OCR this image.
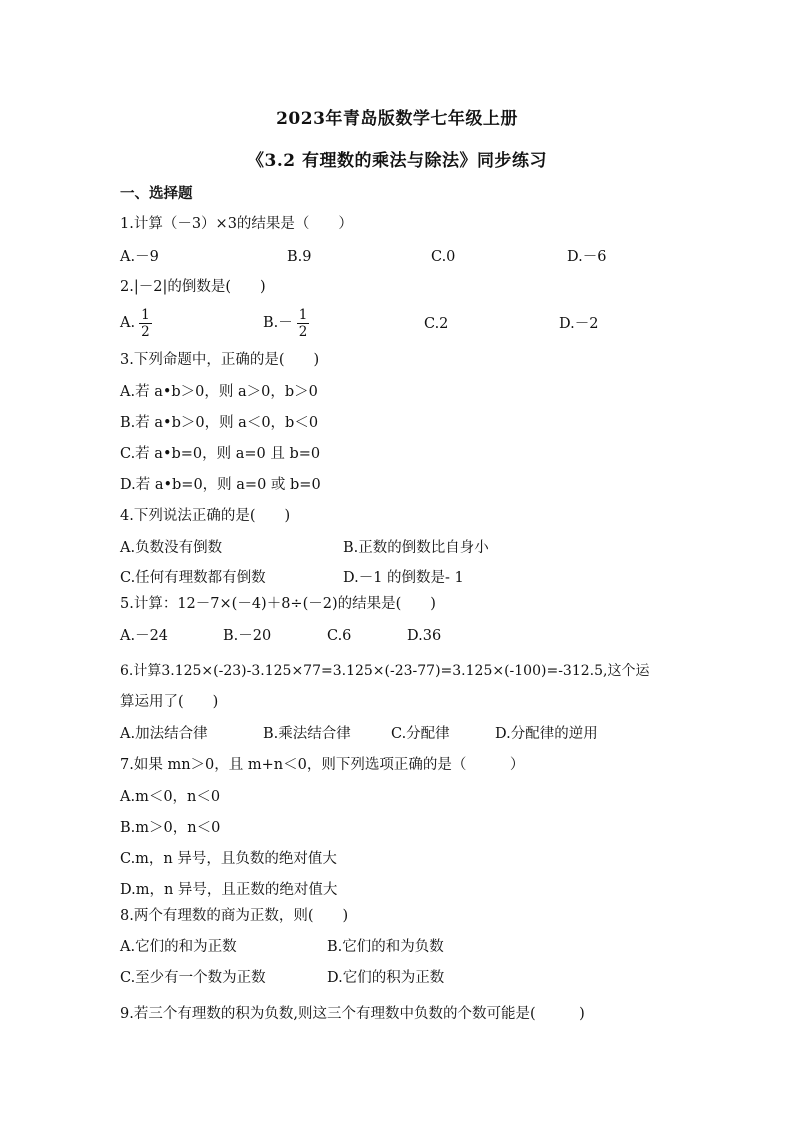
2023年青岛版数学七年级上册
《3.2 有理数的乘法与除法》同步练习
一、选择题
1.计算（－3）×3的结果是（　　）
A.－9	B.9	C.0	D.－6
2.|－2|的倒数是(　　)
A. $\frac{1}{2}$	$B.- \frac{1}{2}$	C.2	D.－2
3.下列命题中，正确的是(　　)
A.若 a•b＞0，则 a＞0，b＞0
B.若 a•b＞0，则 a＜0，b＜0
C.若 a•b=0，则 a=0 且 b=0
D.若 a•b=0，则 a=0 或 b=0
4.下列说法正确的是(　　)
A.负数没有倒数	B.正数的倒数比自身小
C.任何有理数都有倒数	D.－1 的倒数是- 1
5.计算：12－7×(－4)＋8÷(－2)的结果是(　　)
A.－24	B.－20	C.6	D.36
6.计算3.125×(-23)-3.125×77=3.125×(-23-77)=3.125×(-100)=-312.5,这个运
算运用了(　　)
A.加法结合律	B.乘法结合律	C.分配律	D.分配律的逆用
7.如果 mn＞0，且 m+n＜0，则下列选项正确的是（　　　）
A.m＜0，n＜0
B.m＞0，n＜0
C.m，n 异号，且负数的绝对值大
D.m，n 异号，且正数的绝对值大
8.两个有理数的商为正数，则(　　)
A.它们的和为正数	B.它们的和为负数
C.至少有一个数为正数	D.它们的积为正数
9.若三个有理数的积为负数,则这三个有理数中负数的个数可能是(　　　)
